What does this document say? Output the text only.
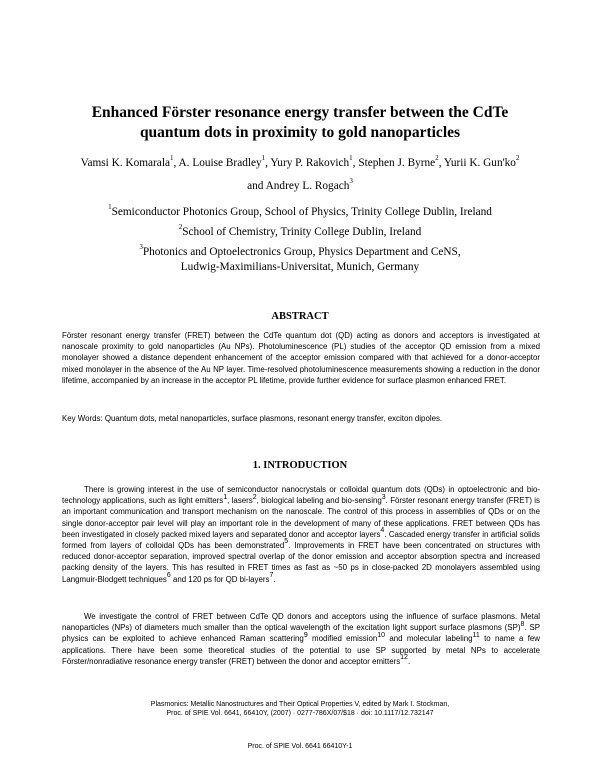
Enhanced Förster resonance energy transfer between the CdTe
quantum dots in proximity to gold nanoparticles
Vamsi K. Komarala$^1$, A. Louise Bradley$^1$, Yury P. Rakovich$^1$, Stephen J. Byrne$^2$, Yurii K. $Gun'ko^2$
and Andrey L. Rogach$^3$
$^1$Semiconductor Photonics Group, School of Physics, Trinity College Dublin, Ireland
$^2$School of Chemistry, Trinity College Dublin, Ireland
$^3$Photonics and Optoelectronics Group, Physics Department and CeNS,
Ludwig-Maximilians-Universitat, Munich, Germany
ABSTRACT
Förster resonant energy transfer (FRET) between the CdTe quantum dot (QD) acting as donors and acceptors is investigated at nanoscale proximity to gold nanoparticles (Au NPs). Photoluminescence (PL) studies of the acceptor QD emission from a mixed monolayer showed a distance dependent enhancement of the acceptor emission compared with that achieved for a donor-acceptor mixed monolayer in the absence of the Au NP layer. Time-resolved photoluminescence measurements showing a reduction in the donor lifetime, accompanied by an increase in the acceptor PL lifetime, provide further evidence for surface plasmon enhanced FRET.
Key Words: Quantum dots, metal nanoparticles, surface plasmons, resonant energy transfer, exciton dipoles.
1. INTRODUCTION
There is growing interest in the use of semiconductor nanocrystals or colloidal quantum dots (QDs) in optoelectronic and bio-technology applications, such as light emitters$^1$, lasers$^2$, biological labeling and bio-sensing$^3$. Förster resonant energy transfer (FRET) is an important communication and transport mechanism on the nanoscale. The control of this process in assemblies of QDs or on the single donor-acceptor pair level will play an important role in the development of many of these applications. FRET between QDs has been investigated in closely packed mixed layers and separated donor and acceptor layers$^4$. Cascaded energy transfer in artificial solids formed from layers of colloidal QDs has been demonstrated$^5$. Improvements in FRET have been concentrated on structures with reduced donor-acceptor separation, improved spectral overlap of the donor emission and acceptor absorption spectra and increased packing density of the layers. This has resulted in FRET times as fast as ~50 ps in close-packed 2D monolayers assembled using Langmuir-Blodgett techniques$^6$ and 120 ps for QD bi-layers$^7$.
We investigate the control of FRET between CdTe QD donors and acceptors using the influence of surface plasmons. Metal nanoparticles (NPs) of diameters much smaller than the optical wavelength of the excitation light support surface plasmons (SP)$^8$. SP physics can be exploited to achieve enhanced Raman scattering$^9$ modified emission$^{10}$ and molecular labeling$^{11}$ to name a few applications. There have been some theoretical studies of the potential to use SP supported by metal NPs to accelerate Förster/nonradiative resonance energy transfer (FRET) between the donor and acceptor emitters$^{12}$.
Plasmonics: Metallic Nanostructures and Their Optical Properties V, edited by Mark I. Stockman,
Proc. of SPIE Vol. 6641, 66410Y, (2007) · 0277-786X/07/$18 · doi: 10.1117/12.732147
Proc. of SPIE Vol. 6641 66410Y-1
